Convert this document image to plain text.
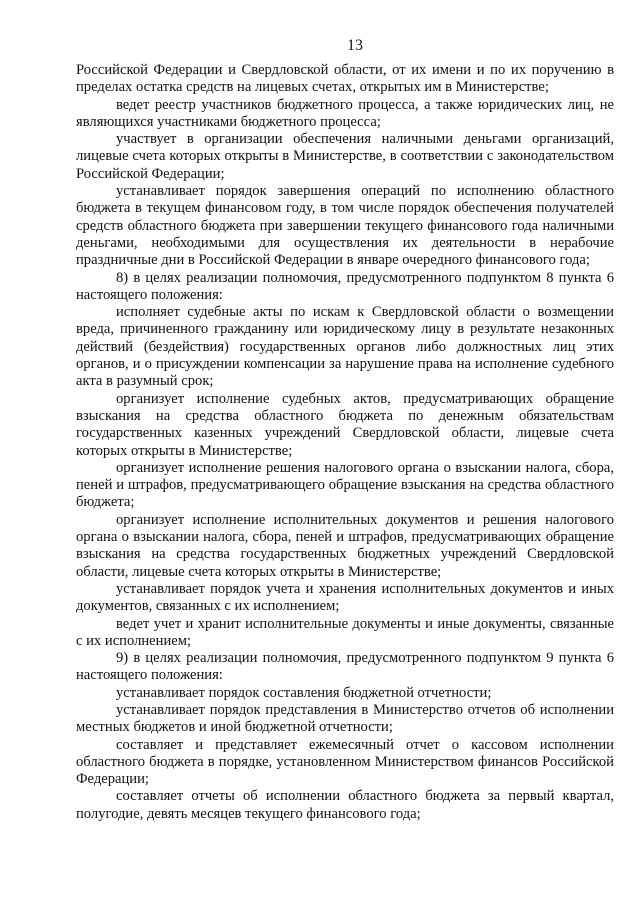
13

Российской Федерации и Свердловской области, от их имени и по их поручению в пределах остатка средств на лицевых счетах, открытых им в Министерстве;

ведет реестр участников бюджетного процесса, а также юридических лиц, не являющихся участниками бюджетного процесса;

участвует в организации обеспечения наличными деньгами организаций, лицевые счета которых открыты в Министерстве, в соответствии с законодательством Российской Федерации;

устанавливает порядок завершения операций по исполнению областного бюджета в текущем финансовом году, в том числе порядок обеспечения получателей средств областного бюджета при завершении текущего финансового года наличными деньгами, необходимыми для осуществления их деятельности в нерабочие праздничные дни в Российской Федерации в январе очередного финансового года;

8) в целях реализации полномочия, предусмотренного подпунктом 8 пункта 6 настоящего положения:

исполняет судебные акты по искам к Свердловской области о возмещении вреда, причиненного гражданину или юридическому лицу в результате незаконных действий (бездействия) государственных органов либо должностных лиц этих органов, и о присуждении компенсации за нарушение права на исполнение судебного акта в разумный срок;

организует исполнение судебных актов, предусматривающих обращение взыскания на средства областного бюджета по денежным обязательствам государственных казенных учреждений Свердловской области, лицевые счета которых открыты в Министерстве;

организует исполнение решения налогового органа о взыскании налога, сбора, пеней и штрафов, предусматривающего обращение взыскания на средства областного бюджета;

организует исполнение исполнительных документов и решения налогового органа о взыскании налога, сбора, пеней и штрафов, предусматривающих обращение взыскания на средства государственных бюджетных учреждений Свердловской области, лицевые счета которых открыты в Министерстве;

устанавливает порядок учета и хранения исполнительных документов и иных документов, связанных с их исполнением;

ведет учет и хранит исполнительные документы и иные документы, связанные с их исполнением;

9) в целях реализации полномочия, предусмотренного подпунктом 9 пункта 6 настоящего положения:

устанавливает порядок составления бюджетной отчетности;

устанавливает порядок представления в Министерство отчетов об исполнении местных бюджетов и иной бюджетной отчетности;

составляет и представляет ежемесячный отчет о кассовом исполнении областного бюджета в порядке, установленном Министерством финансов Российской Федерации;

составляет отчеты об исполнении областного бюджета за первый квартал, полугодие, девять месяцев текущего финансового года;
